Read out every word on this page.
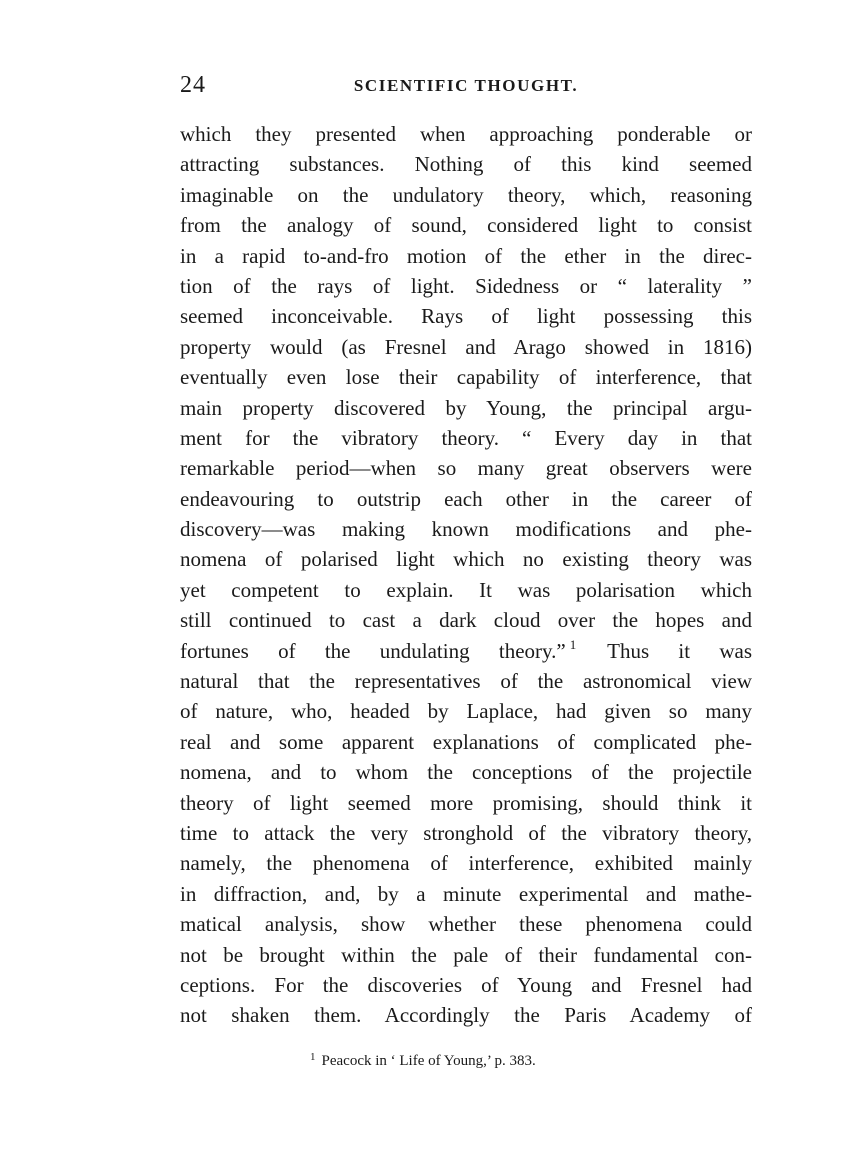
24	SCIENTIFIC THOUGHT.
which they presented when approaching ponderable or
attracting substances. Nothing of this kind seemed
imaginable on the undulatory theory, which, reasoning
from the analogy of sound, considered light to consist
in a rapid to-and-fro motion of the ether in the direc-
tion of the rays of light. Sidedness or “ laterality ”
seemed inconceivable. Rays of light possessing this
property would (as Fresnel and Arago showed in 1816)
eventually even lose their capability of interference, that
main property discovered by Young, the principal argu-
ment for the vibratory theory. “ Every day in that
remarkable period—when so many great observers were
endeavouring to outstrip each other in the career of
discovery—was making known modifications and phe-
nomena of polarised light which no existing theory was
yet competent to explain. It was polarisation which
still continued to cast a dark cloud over the hopes and
fortunes of the undulating theory.” $^1$ Thus it was
natural that the representatives of the astronomical view
of nature, who, headed by Laplace, had given so many
real and some apparent explanations of complicated phe-
nomena, and to whom the conceptions of the projectile
theory of light seemed more promising, should think it
time to attack the very stronghold of the vibratory theory,
namely, the phenomena of interference, exhibited mainly
in diffraction, and, by a minute experimental and mathe-
matical analysis, show whether these phenomena could
not be brought within the pale of their fundamental con-
ceptions. For the discoveries of Young and Fresnel had
not shaken them. Accordingly the Paris Academy of
$^1$ Peacock in ‘ Life of Young,’ p. 383.
